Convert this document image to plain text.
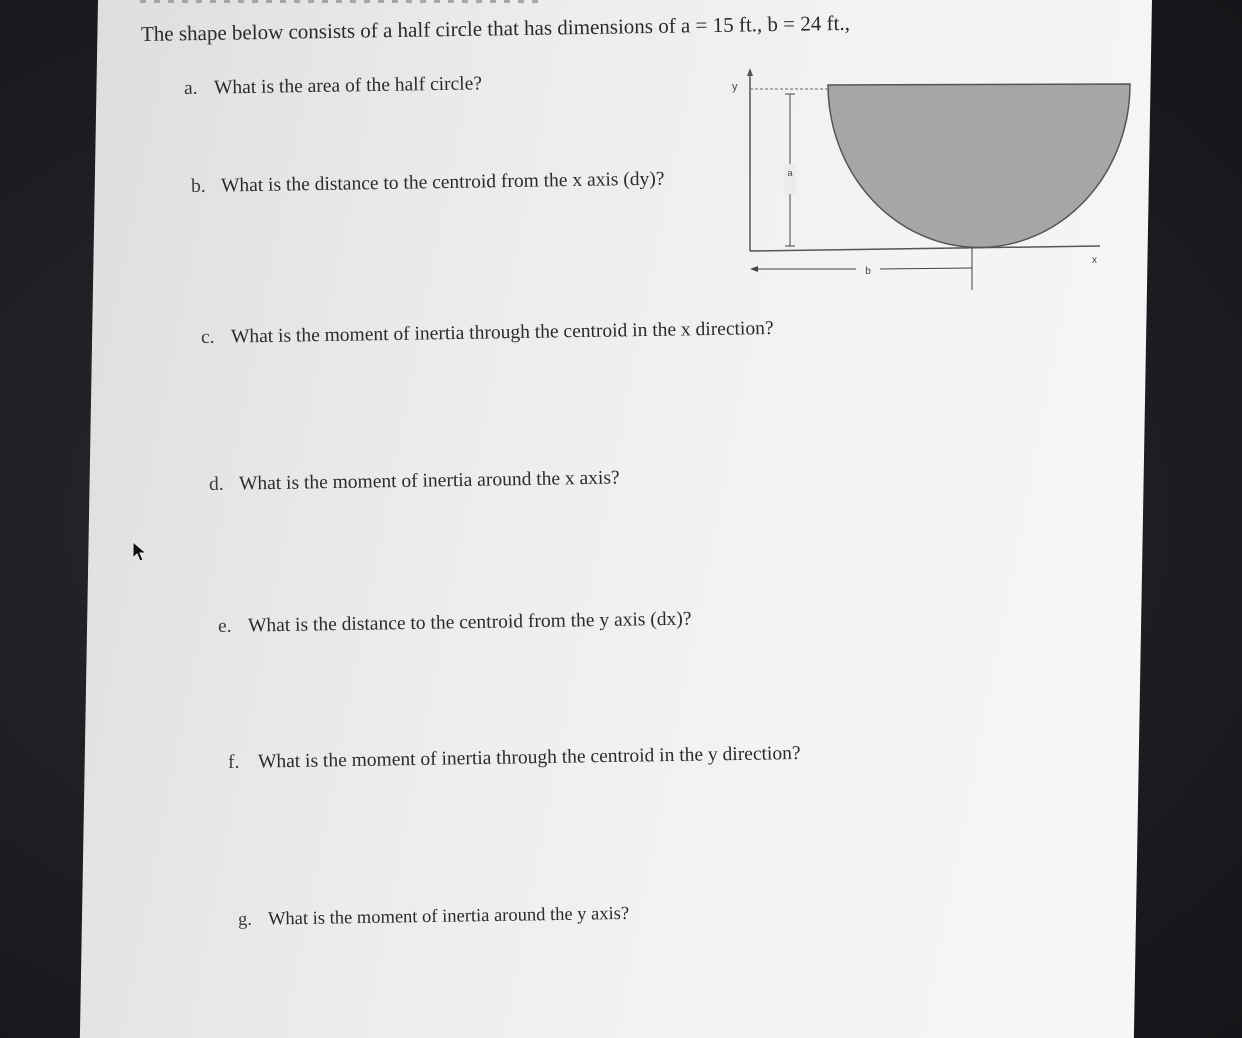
The shape below consists of a half circle that has dimensions of a = 15 ft., b = 24 ft.,
a. What is the area of the half circle?
b. What is the distance to the centroid from the x axis (dy)?
c. What is the moment of inertia through the centroid in the x direction?
d. What is the moment of inertia around the x axis?
e. What is the distance to the centroid from the y axis (dx)?
f. What is the moment of inertia through the centroid in the y direction?
g. What is the moment of inertia around the y axis?
y
x
a
b
